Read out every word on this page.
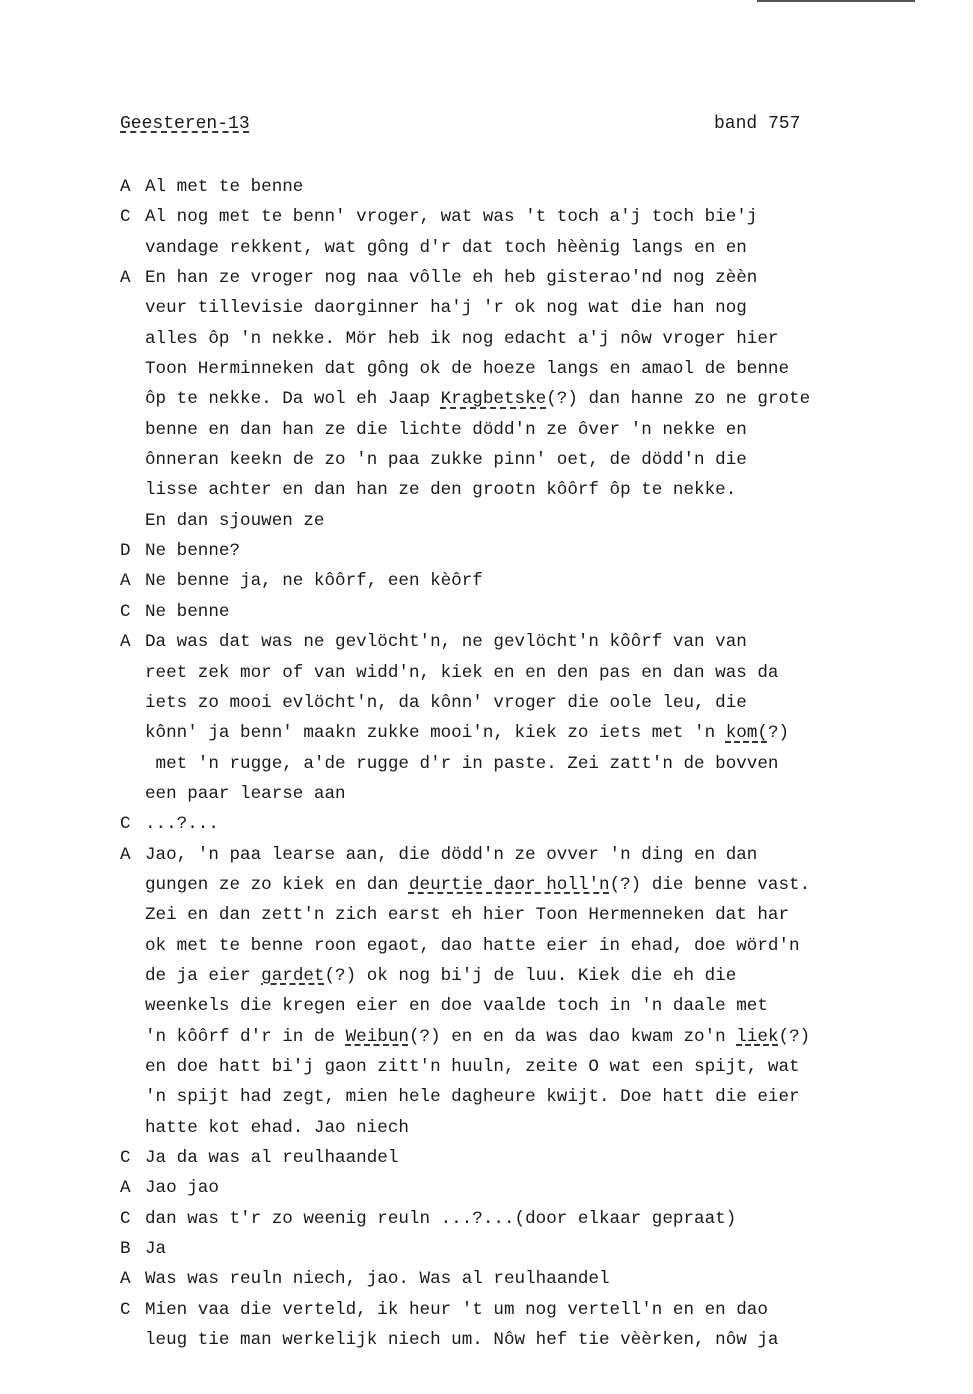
Geesteren-13	band 757
A Al met te benne
C Al nog met te benn' vroger, wat was 't toch a'j toch bie'j
vandage rekkent, wat gông d'r dat toch hèènig langs en en
A En han ze vroger nog naa vôlle eh heb gisterao'nd nog zèèn
veur tillevisie daorginner ha'j 'r ok nog wat die han nog
alles ôp 'n nekke. Mör heb ik nog edacht a'j nôw vroger hier
Toon Herminneken dat gông ok de hoeze langs en amaol de benne
ôp te nekke. Da wol eh Jaap Kragbetske(?) dan hanne zo ne grote
benne en dan han ze die lichte dödd'n ze ôver 'n nekke en
ônneran keekn de zo 'n paa zukke pinn' oet, de dödd'n die
lisse achter en dan han ze den grootn kôôrf ôp te nekke.
En dan sjouwen ze
D Ne benne?
A Ne benne ja, ne kôôrf, een kèôrf
C Ne benne
A Da was dat was ne gevlöcht'n, ne gevlöcht'n kôôrf van van
reet zek mor of van widd'n, kiek en en den pas en dan was da
iets zo mooi evlöcht'n, da kônn' vroger die oole leu, die
kônn' ja benn' maakn zukke mooi'n, kiek zo iets met 'n kom(?)
met 'n rugge, a'de rugge d'r in paste. Zei zatt'n de bovven
een paar learse aan
C ...?...
A Jao, 'n paa learse aan, die dödd'n ze ovver 'n ding en dan
gungen ze zo kiek en dan deurtie daor holl'n(?) die benne vast.
Zei en dan zett'n zich earst eh hier Toon Hermenneken dat har
ok met te benne roon egaot, dao hatte eier in ehad, doe wörd'n
de ja eier gardet(?) ok nog bi'j de luu. Kiek die eh die
weenkels die kregen eier en doe vaalde toch in 'n daale met
'n kôôrf d'r in de Weibun(?) en en da was dao kwam zo'n liek(?)
en doe hatt bi'j gaon zitt'n huuln, zeite O wat een spijt, wat
'n spijt had zegt, mien hele dagheure kwijt. Doe hatt die eier
hatte kot ehad. Jao niech
C Ja da was al reulhaandel
A Jao jao
C dan was t'r zo weenig reuln ...?...(door elkaar gepraat)
B Ja
A Was was reuln niech, jao. Was al reulhaandel
C Mien vaa die verteld, ik heur 't um nog vertell'n en en dao
leug tie man werkelijk niech um. Nôw hef tie vèèrken, nôw ja
